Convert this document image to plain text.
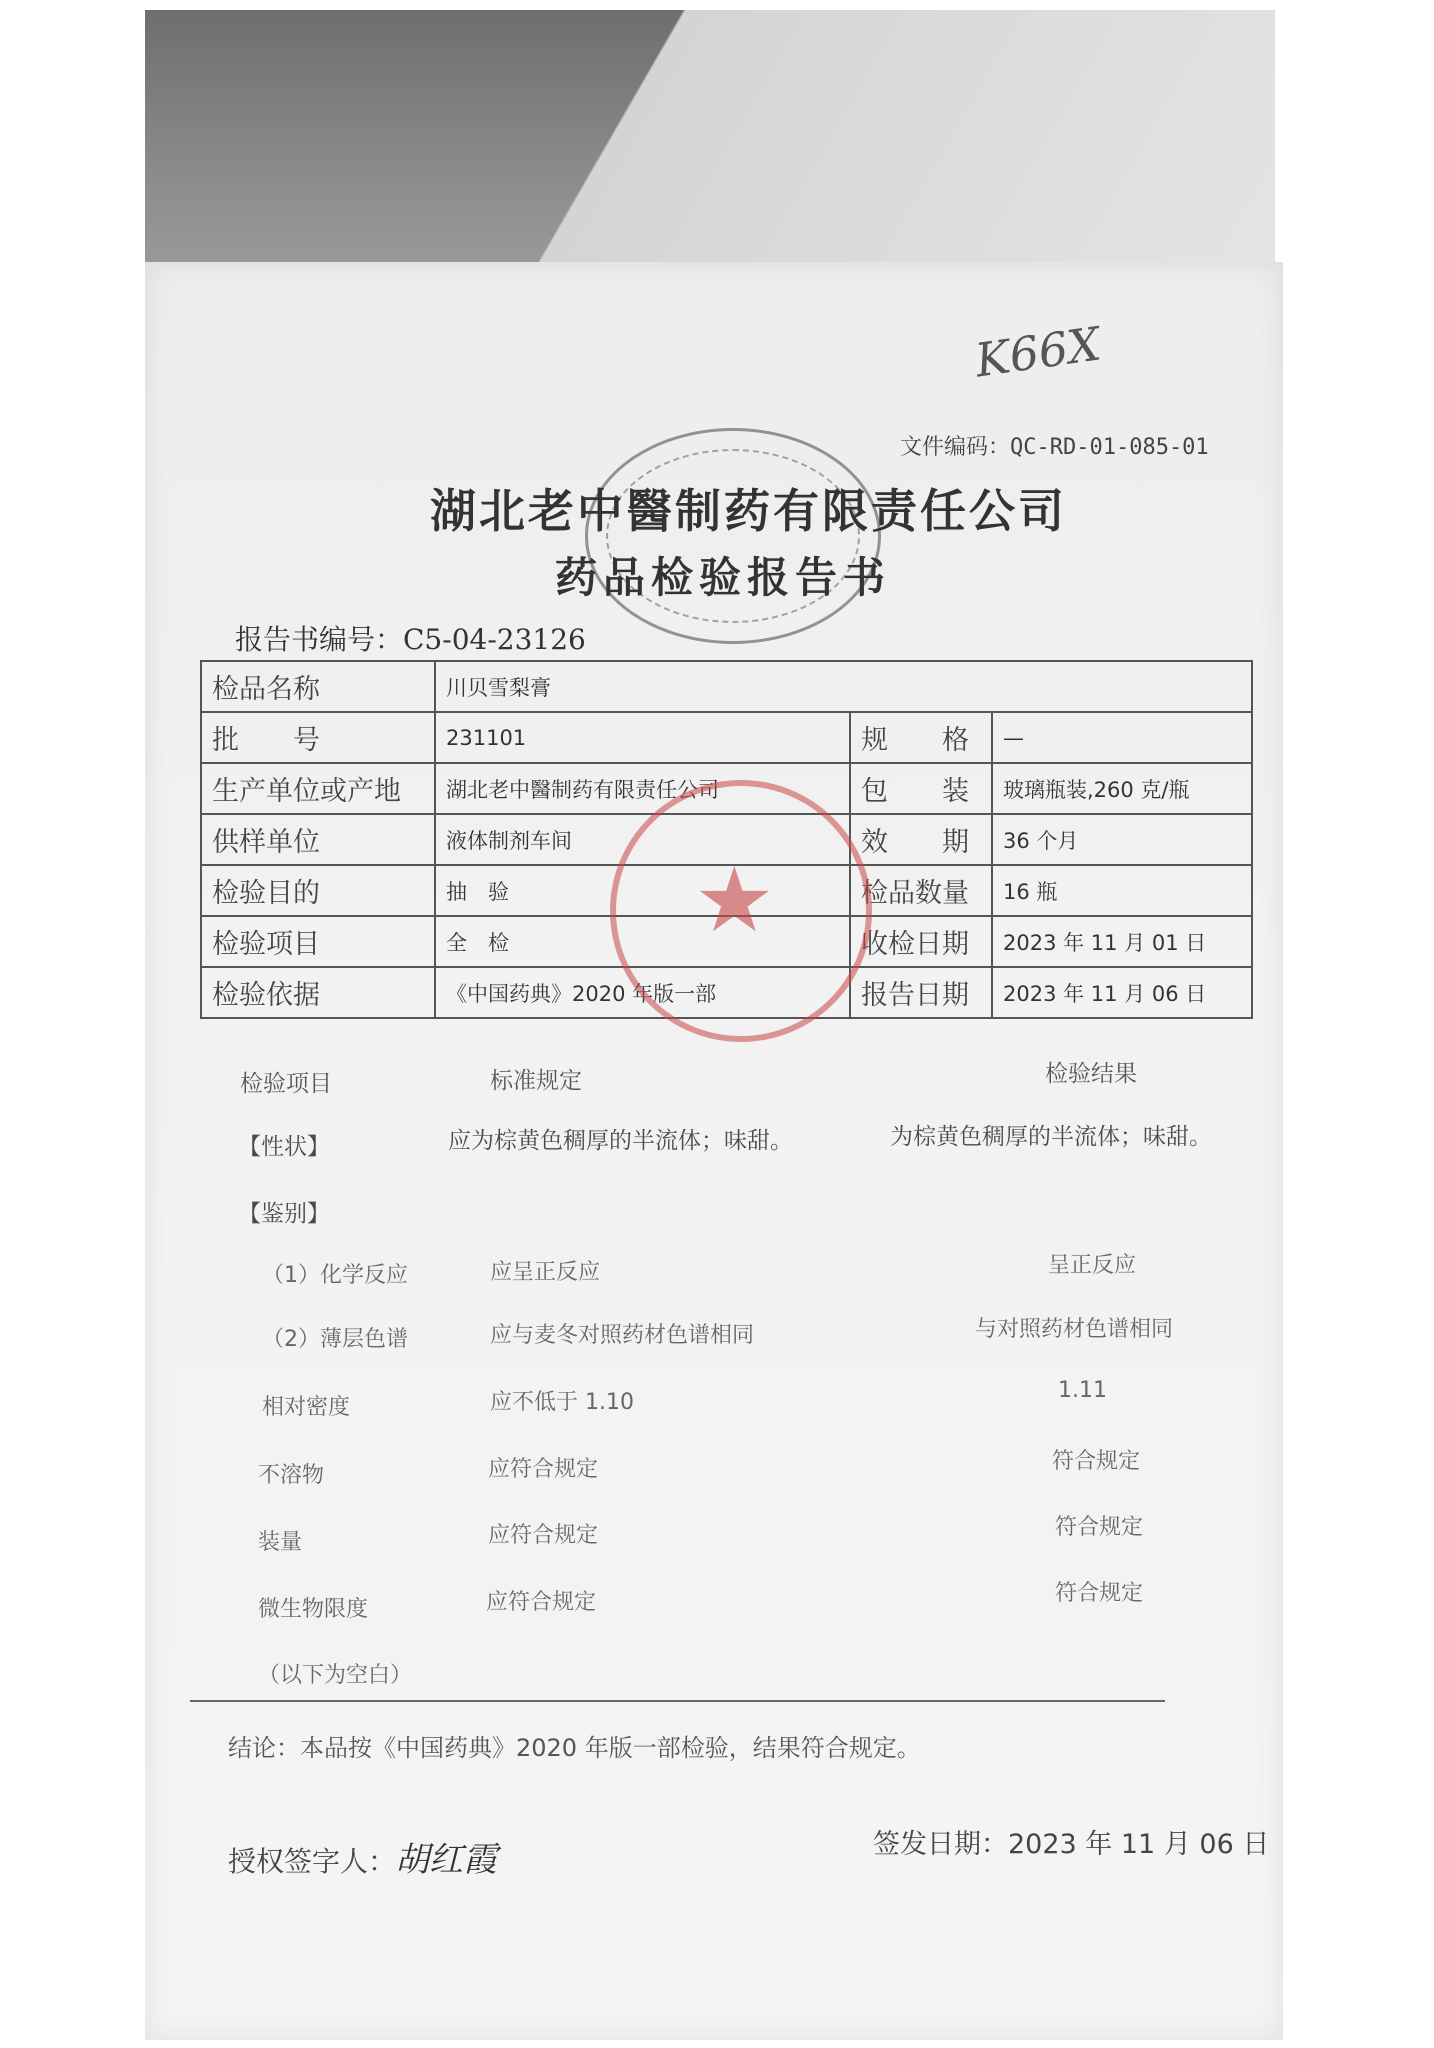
K66X
文件编码：QC-RD-01-085-01
湖北老中醫制药有限责任公司
药品检验报告书
报告书编号：C5-04-23126
检品名称	川贝雪梨膏		
批　　号	231101	规　　格	—
生产单位或产地	湖北老中醫制药有限责任公司	包　　装	玻璃瓶装,260 克/瓶
供样单位	液体制剂车间	效　　期	36 个月
检验目的	抽　验	检品数量	16 瓶
检验项目	全　检	收检日期	2023 年 11 月 01 日
检验依据	《中国药典》2020 年版一部	报告日期	2023 年 11 月 06 日
★
检验项目	标准规定	检验结果
【性状】	应为棕黄色稠厚的半流体；味甜。	为棕黄色稠厚的半流体；味甜。
【鉴别】
（1）化学反应	应呈正反应	呈正反应
（2）薄层色谱	应与麦冬对照药材色谱相同	与对照药材色谱相同
相对密度	应不低于 1.10	1.11
不溶物	应符合规定	符合规定
装量	应符合规定	符合规定
微生物限度	应符合规定	符合规定
（以下为空白）
结论：本品按《中国药典》2020 年版一部检验，结果符合规定。
授权签字人：
胡红霞	签发日期：2023 年 11 月 06 日
